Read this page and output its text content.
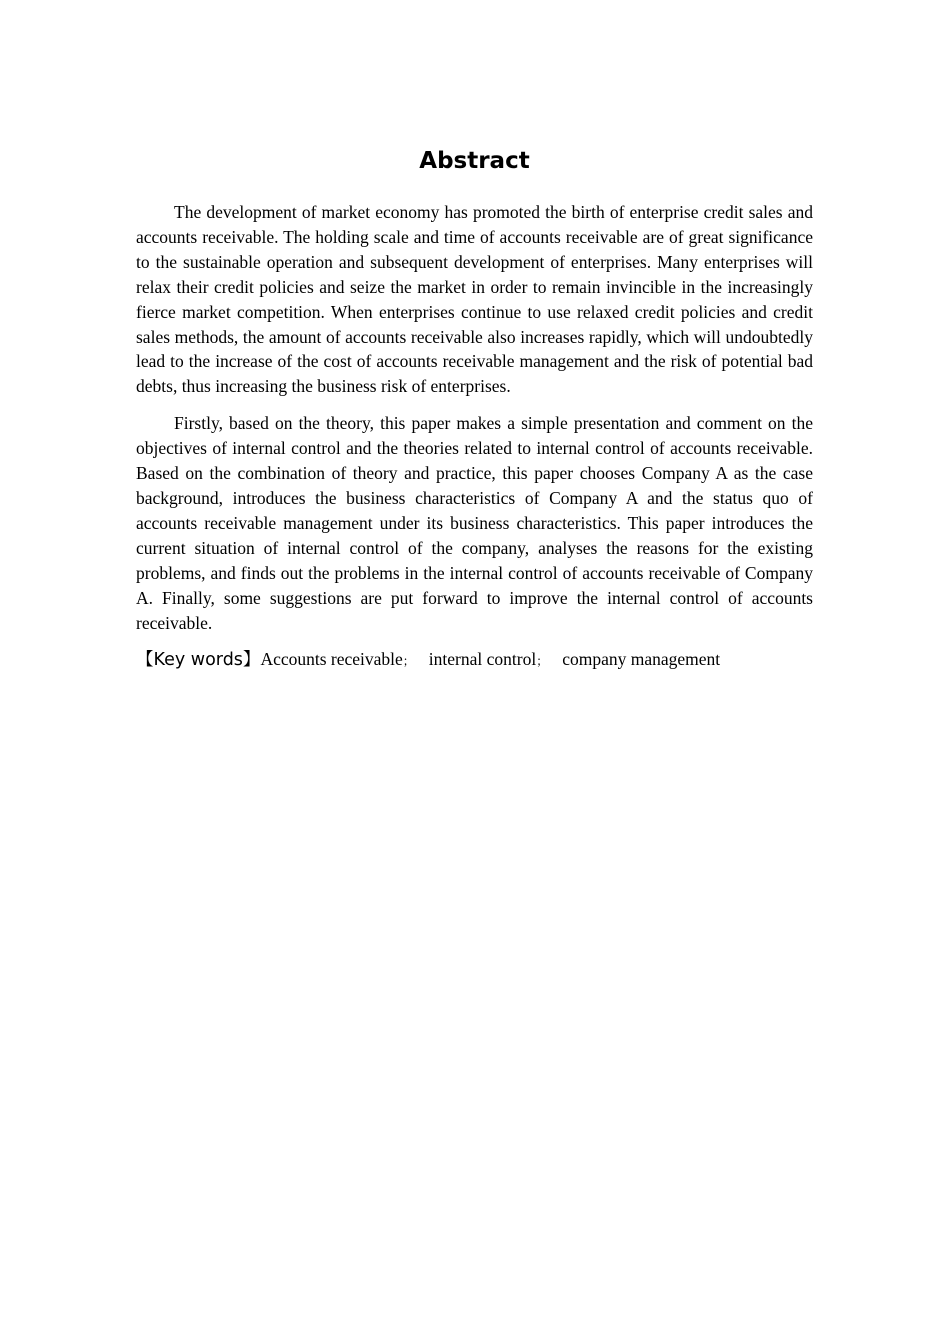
Abstract

The development of market economy has promoted the birth of enterprise credit sales and accounts receivable. The holding scale and time of accounts receivable are of great significance to the sustainable operation and subsequent development of enterprises. Many enterprises will relax their credit policies and seize the market in order to remain invincible in the increasingly fierce market competition. When enterprises continue to use relaxed credit policies and credit sales methods, the amount of accounts receivable also increases rapidly, which will undoubtedly lead to the increase of the cost of accounts receivable management and the risk of potential bad debts, thus increasing the business risk of enterprises.

Firstly, based on the theory, this paper makes a simple presentation and comment on the objectives of internal control and the theories related to internal control of accounts receivable. Based on the combination of theory and practice, this paper chooses Company A as the case background, introduces the business characteristics of Company A and the status quo of accounts receivable management under its business characteristics. This paper introduces the current situation of internal control of the company, analyses the reasons for the existing problems, and finds out the problems in the internal control of accounts receivable of Company A. Finally, some suggestions are put forward to improve the internal control of accounts receivable.

【Key words】Accounts receivable； internal control； company management
